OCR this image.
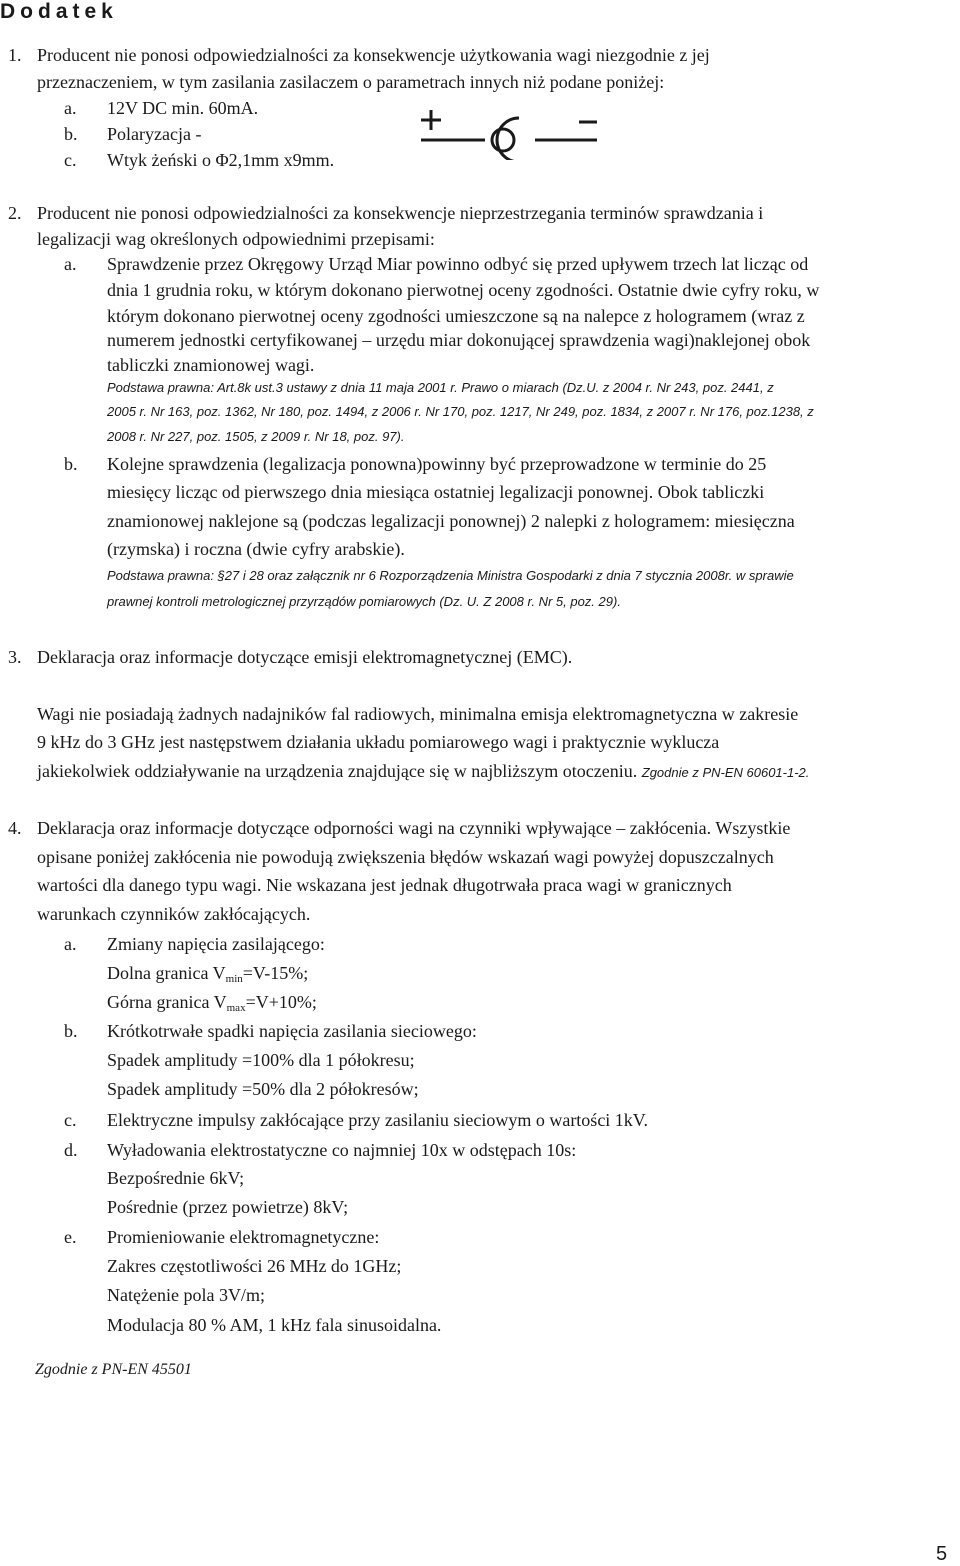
Dodatek
1. Producent nie ponosi odpowiedzialności za konsekwencje użytkowania wagi niezgodnie z jej
przeznaczeniem, w tym zasilania zasilaczem o parametrach innych niż podane poniżej:
a. 12V DC min. 60mA.
b. Polaryzacja -
c. Wtyk żeński o Φ2,1mm x9mm.
2. Producent nie ponosi odpowiedzialności za konsekwencje nieprzestrzegania terminów sprawdzania i
legalizacji wag określonych odpowiednimi przepisami:
a. Sprawdzenie przez Okręgowy Urząd Miar powinno odbyć się przed upływem trzech lat licząc od
dnia 1 grudnia roku, w którym dokonano pierwotnej oceny zgodności. Ostatnie dwie cyfry roku, w
którym dokonano pierwotnej oceny zgodności umieszczone są na nalepce z hologramem (wraz z
numerem jednostki certyfikowanej – urzędu miar dokonującej sprawdzenia wagi)naklejonej obok
tabliczki znamionowej wagi.
Podstawa prawna: Art.8k ust.3 ustawy z dnia 11 maja 2001 r. Prawo o miarach (Dz.U. z 2004 r. Nr 243, poz. 2441, z
2005 r. Nr 163, poz. 1362, Nr 180, poz. 1494, z 2006 r. Nr 170, poz. 1217, Nr 249, poz. 1834, z 2007 r. Nr 176, poz.1238, z
2008 r. Nr 227, poz. 1505, z 2009 r. Nr 18, poz. 97).
b. Kolejne sprawdzenia (legalizacja ponowna)powinny być przeprowadzone w terminie do 25
miesięcy licząc od pierwszego dnia miesiąca ostatniej legalizacji ponownej. Obok tabliczki
znamionowej naklejone są (podczas legalizacji ponownej) 2 nalepki z hologramem: miesięczna
(rzymska) i roczna (dwie cyfry arabskie).
Podstawa prawna: §27 i 28 oraz załącznik nr 6 Rozporządzenia Ministra Gospodarki z dnia 7 stycznia 2008r. w sprawie
prawnej kontroli metrologicznej przyrządów pomiarowych (Dz. U. Z 2008 r. Nr 5, poz. 29).
3. Deklaracja oraz informacje dotyczące emisji elektromagnetycznej (EMC).
Wagi nie posiadają żadnych nadajników fal radiowych, minimalna emisja elektromagnetyczna w zakresie
9 kHz do 3 GHz jest następstwem działania układu pomiarowego wagi i praktycznie wyklucza
jakiekolwiek oddziaływanie na urządzenia znajdujące się w najbliższym otoczeniu. Zgodnie z PN-EN 60601-1-2.
4. Deklaracja oraz informacje dotyczące odporności wagi na czynniki wpływające – zakłócenia. Wszystkie
opisane poniżej zakłócenia nie powodują zwiększenia błędów wskazań wagi powyżej dopuszczalnych
wartości dla danego typu wagi. Nie wskazana jest jednak długotrwała praca wagi w granicznych
warunkach czynników zakłócających.
a. Zmiany napięcia zasilającego:
Dolna granica $V_{min}=V-15\%$;
Górna granica $V_{max}=V+10\%$;
b. Krótkotrwałe spadki napięcia zasilania sieciowego:
Spadek amplitudy =100% dla 1 półokresu;
Spadek amplitudy =50% dla 2 półokresów;
c. Elektryczne impulsy zakłócające przy zasilaniu sieciowym o wartości 1kV.
d. Wyładowania elektrostatyczne co najmniej 10x w odstępach 10s:
Bezpośrednie 6kV;
Pośrednie (przez powietrze) 8kV;
e. Promieniowanie elektromagnetyczne:
Zakres częstotliwości 26 MHz do 1GHz;
Natężenie pola 3V/m;
Modulacja 80 % AM, 1 kHz fala sinusoidalna.
Zgodnie z PN-EN 45501
5
